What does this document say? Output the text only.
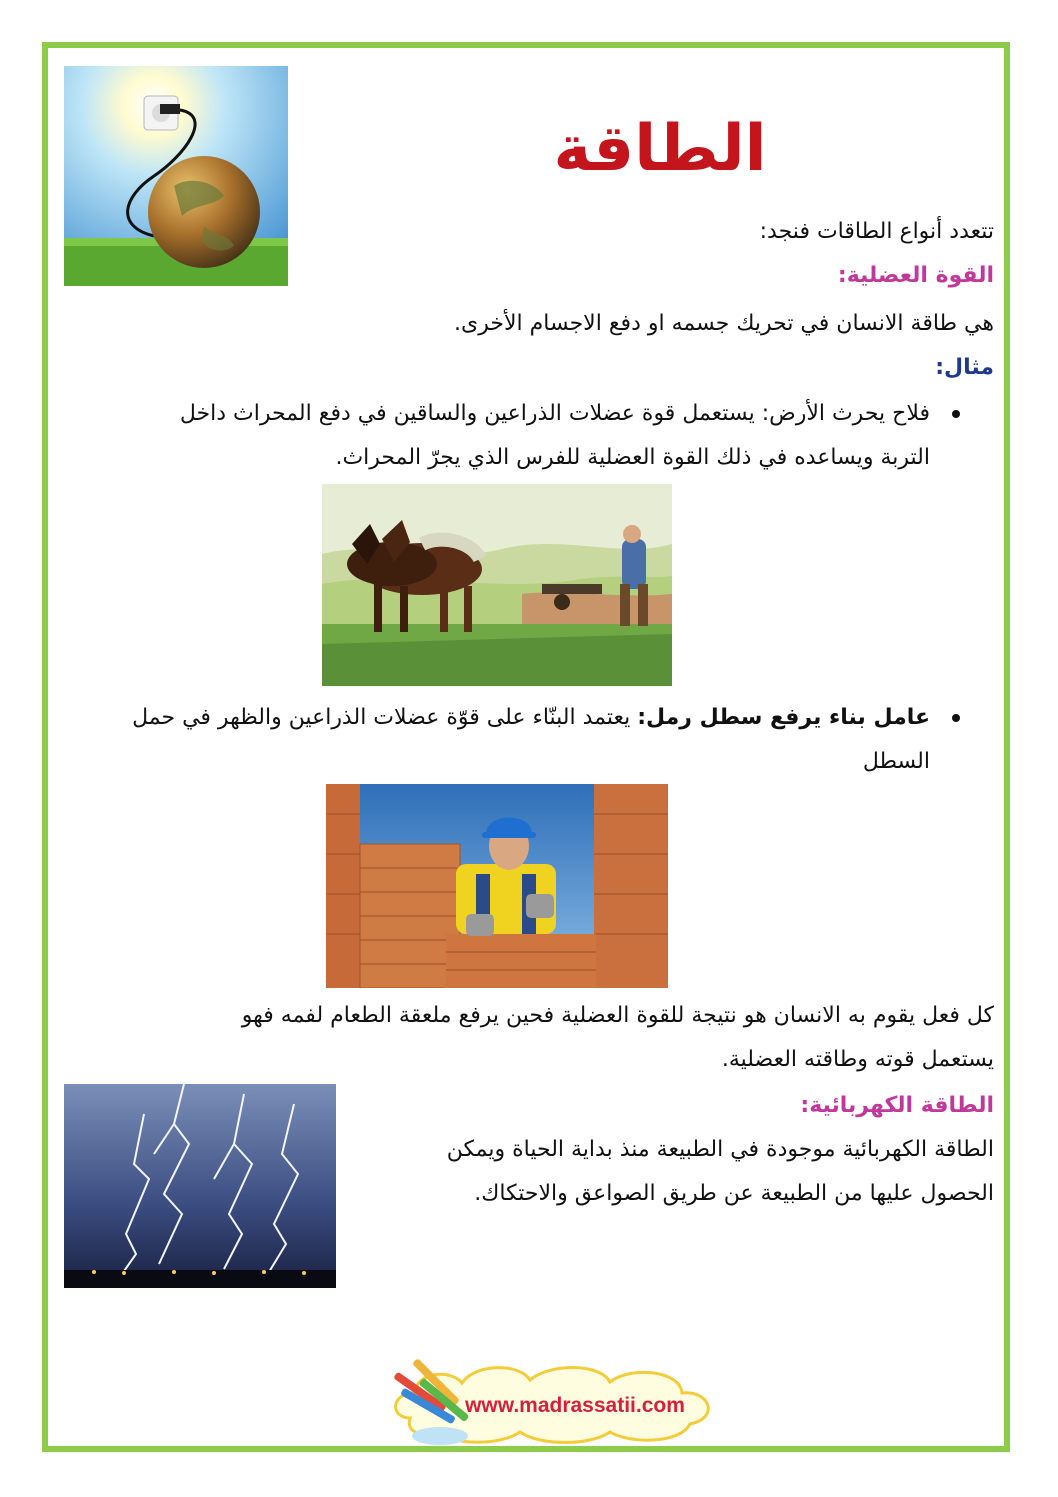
الطاقة

تتعدد أنواع الطاقات فنجد:

القوة العضلية:

هي طاقة الانسان في تحريك جسمه او دفع الاجسام الأخرى.

مثال:

فلاح يحرث الأرض: يستعمل قوة عضلات الذراعين والساقين في دفع المحراث داخل
التربة ويساعده في ذلك القوة العضلية للفرس الذي يجرّ المحراث.
عامل بناء يرفع سطل رمل: يعتمد البنّاء على قوّة عضلات الذراعين والظهر في حمل
السطل

كل فعل يقوم به الانسان هو نتيجة للقوة العضلية فحين يرفع ملعقة الطعام لفمه فهو

يستعمل قوته وطاقته العضلية.

الطاقة الكهربائية:

الطاقة الكهربائية موجودة في الطبيعة منذ بداية الحياة ويمكن

الحصول عليها من الطبيعة عن طريق الصواعق والاحتكاك.

www.madrassatii.com
